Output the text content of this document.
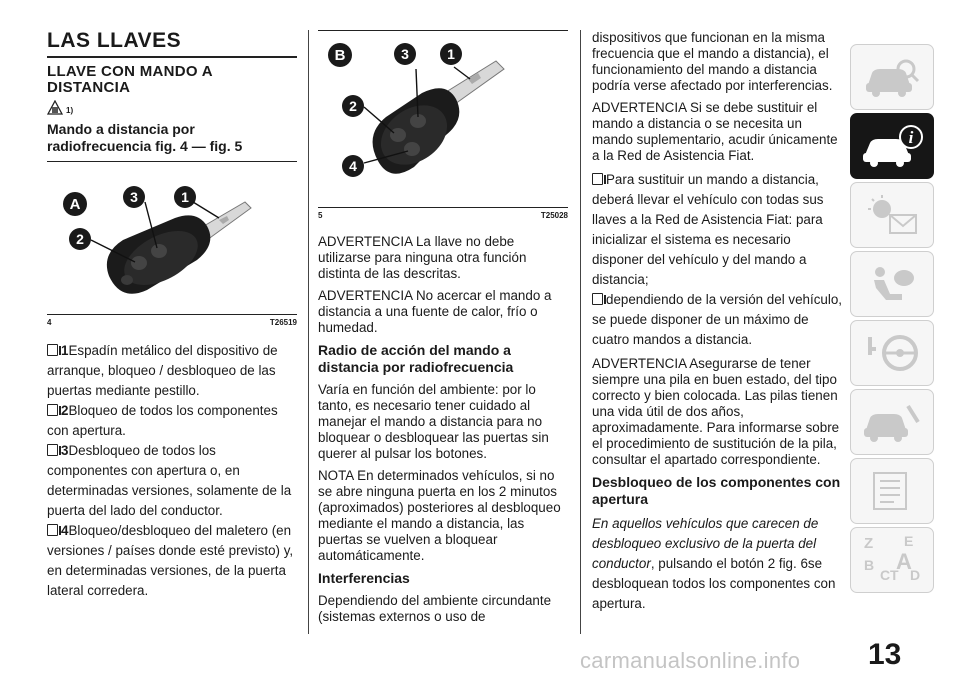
LAS LLAVES
LLAVE CON MANDO A DISTANCIA
1)
Mando a distancia por radiofrecuencia fig. 4 — fig. 5
A	3	1
2
4	T26519

1Espadín metálico del dispositivo de arranque, bloqueo / desbloqueo de las puertas mediante pestillo.

2Bloqueo de todos los componentes con apertura.

3Desbloqueo de todos los componentes con apertura o, en determinadas versiones, solamente de la puerta del lado del conductor.

4Bloqueo/desbloqueo del maletero (en versiones / países donde esté previsto) y, en determinadas versiones, de la puerta lateral corredera.

B	3	1
2
4
5	T25028

ADVERTENCIA La llave no debe utilizarse para ninguna otra función distinta de las descritas.

ADVERTENCIA No acercar el mando a distancia a una fuente de calor, frío o humedad.

Radio de acción del mando a distancia por radiofrecuencia

Varía en función del ambiente: por lo tanto, es necesario tener cuidado al manejar el mando a distancia para no bloquear o desbloquear las puertas sin querer al pulsar los botones.

NOTA En determinados vehículos, si no se abre ninguna puerta en los 2 minutos (aproximados) posteriores al desbloqueo mediante el mando a distancia, las puertas se vuelven a bloquear automáticamente.

Interferencias

Dependiendo del ambiente circundante (sistemas externos o uso de

dispositivos que funcionan en la misma frecuencia que el mando a distancia), el funcionamiento del mando a distancia podría verse afectado por interferencias.

ADVERTENCIA Si se debe sustituir el mando a distancia o se necesita un mando suplementario, acudir únicamente a la Red de Asistencia Fiat.

Para sustituir un mando a distancia, deberá llevar el vehículo con todas sus llaves a la Red de Asistencia Fiat: para inicializar el sistema es necesario disponer del vehículo y del mando a distancia;

dependiendo de la versión del vehículo, se puede disponer de un máximo de cuatro mandos a distancia.

ADVERTENCIA Asegurarse de tener siempre una pila en buen estado, del tipo correcto y bien colocada. Las pilas tienen una vida útil de dos años, aproximadamente. Para informarse sobre el procedimiento de sustitución de la pila, consultar el apartado correspondiente.

Desbloqueo de los componentes con apertura

En aquellos vehículos que carecen de desbloqueo exclusivo de la puerta del conductor, pulsando el botón 2 fig. 6se desbloquean todos los componentes con apertura.

i
Z E
B A
C T D
carmanualsonline.info 13
